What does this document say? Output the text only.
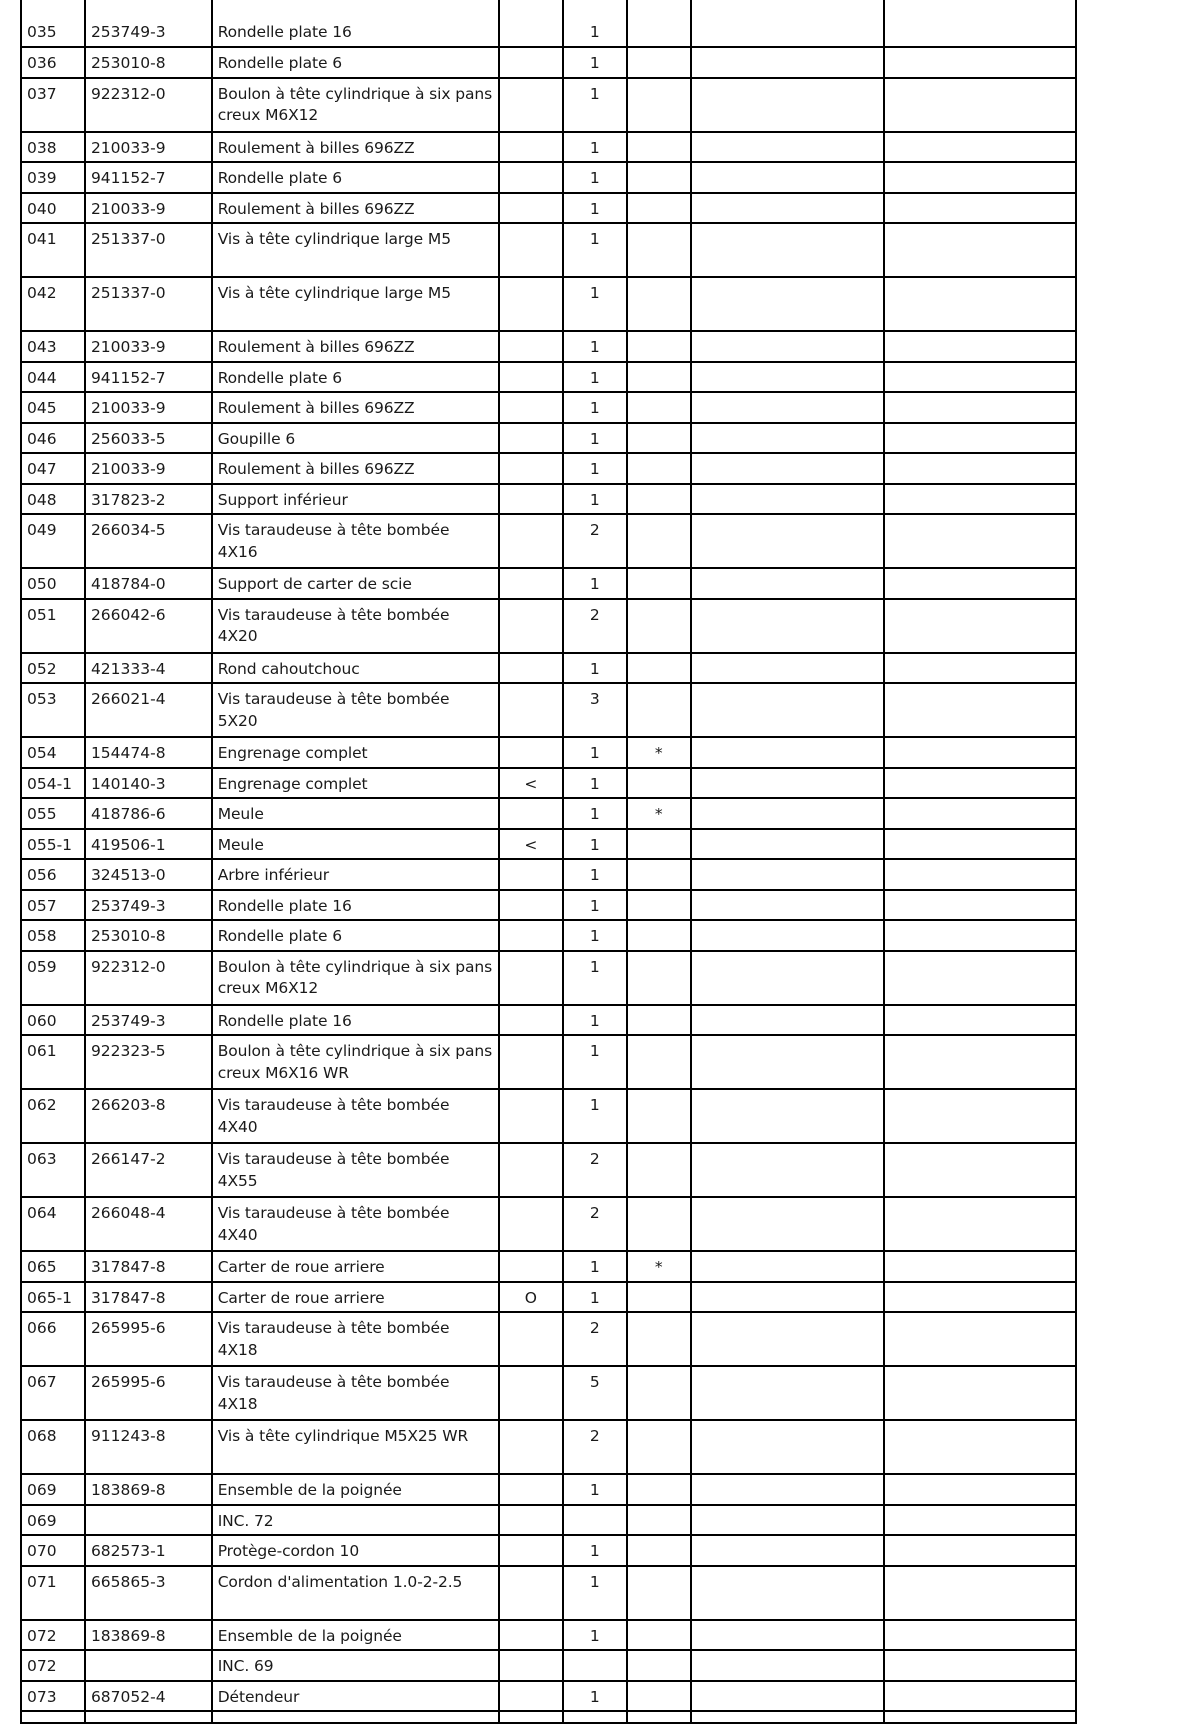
035	253749-3	Rondelle plate 16		1			
036	253010-8	Rondelle plate 6		1			
037	922312-0	Boulon à tête cylindrique à six pans creux M6X12		1			
038	210033-9	Roulement à billes 696ZZ		1			
039	941152-7	Rondelle plate 6		1			
040	210033-9	Roulement à billes 696ZZ		1			
041	251337-0	Vis à tête cylindrique large M5		1			
042	251337-0	Vis à tête cylindrique large M5		1			
043	210033-9	Roulement à billes 696ZZ		1			
044	941152-7	Rondelle plate 6		1			
045	210033-9	Roulement à billes 696ZZ		1			
046	256033-5	Goupille 6		1			
047	210033-9	Roulement à billes 696ZZ		1			
048	317823-2	Support inférieur		1			
049	266034-5	Vis taraudeuse à tête bombée 4X16		2			
050	418784-0	Support de carter de scie		1			
051	266042-6	Vis taraudeuse à tête bombée 4X20		2			
052	421333-4	Rond cahoutchouc		1			
053	266021-4	Vis taraudeuse à tête bombée 5X20		3			
054	154474-8	Engrenage complet		1	*		
054-1	140140-3	Engrenage complet	<	1			
055	418786-6	Meule		1	*		
055-1	419506-1	Meule	<	1			
056	324513-0	Arbre inférieur		1			
057	253749-3	Rondelle plate 16		1			
058	253010-8	Rondelle plate 6		1			
059	922312-0	Boulon à tête cylindrique à six pans creux M6X12		1			
060	253749-3	Rondelle plate 16		1			
061	922323-5	Boulon à tête cylindrique à six pans creux M6X16 WR		1			
062	266203-8	Vis taraudeuse à tête bombée 4X40		1			
063	266147-2	Vis taraudeuse à tête bombée 4X55		2			
064	266048-4	Vis taraudeuse à tête bombée 4X40		2			
065	317847-8	Carter de roue arriere		1	*		
065-1	317847-8	Carter de roue arriere	O	1			
066	265995-6	Vis taraudeuse à tête bombée 4X18		2			
067	265995-6	Vis taraudeuse à tête bombée 4X18		5			
068	911243-8	Vis à tête cylindrique M5X25 WR		2			
069	183869-8	Ensemble de la poignée		1			
069		INC. 72					
070	682573-1	Protège-cordon 10		1			
071	665865-3	Cordon d'alimentation 1.0-2-2.5		1			
072	183869-8	Ensemble de la poignée		1			
072		INC. 69					
073	687052-4	Détendeur		1			
